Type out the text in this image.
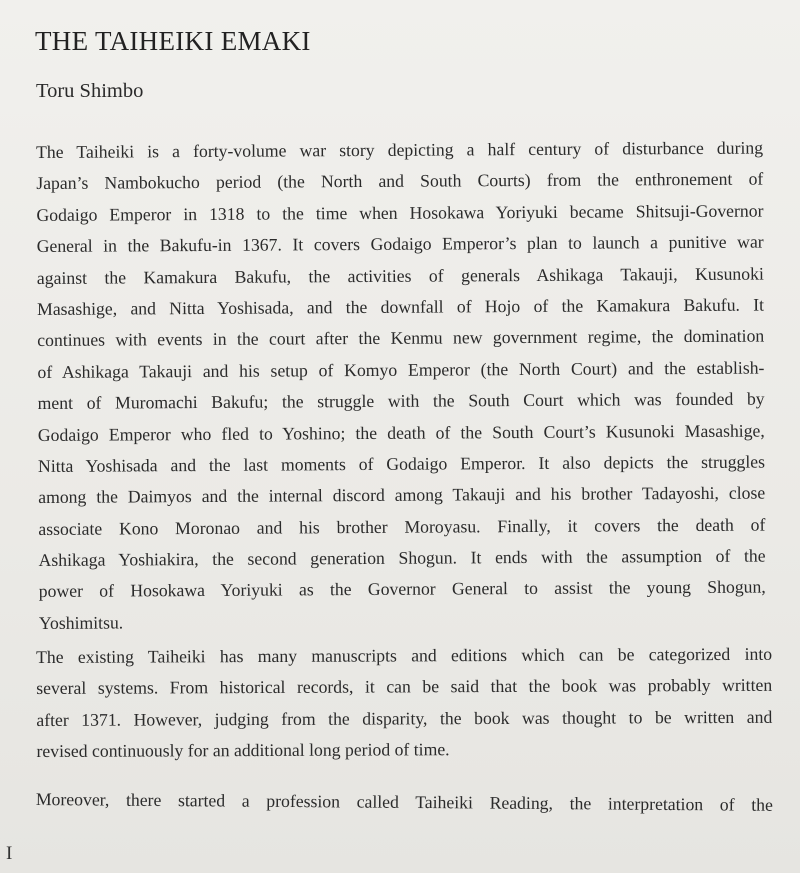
THE TAIHEIKI EMAKI

Toru Shimbo

The Taiheiki is a forty-volume war story depicting a half century of disturbance during
Japan’s Nambokucho period (the North and South Courts) from the enthronement of
Godaigo Emperor in 1318 to the time when Hosokawa Yoriyuki became Shitsuji-Governor
General in the Bakufu-in 1367. It covers Godaigo Emperor’s plan to launch a punitive war
against the Kamakura Bakufu, the activities of generals Ashikaga Takauji, Kusunoki
Masashige, and Nitta Yoshisada, and the downfall of Hojo of the Kamakura Bakufu. It
continues with events in the court after the Kenmu new government regime, the domination
of Ashikaga Takauji and his setup of Komyo Emperor (the North Court) and the establish-
ment of Muromachi Bakufu; the struggle with the South Court which was founded by
Godaigo Emperor who fled to Yoshino; the death of the South Court’s Kusunoki Masashige,
Nitta Yoshisada and the last moments of Godaigo Emperor. It also depicts the struggles
among the Daimyos and the internal discord among Takauji and his brother Tadayoshi, close
associate Kono Moronao and his brother Moroyasu. Finally, it covers the death of
Ashikaga Yoshiakira, the second generation Shogun. It ends with the assumption of the
power of Hosokawa Yoriyuki as the Governor General to assist the young Shogun,
Yoshimitsu.
The existing Taiheiki has many manuscripts and editions which can be categorized into
several systems. From historical records, it can be said that the book was probably written
after 1371. However, judging from the disparity, the book was thought to be written and
revised continuously for an additional long period of time.
Moreover, there started a profession called Taiheiki Reading, the interpretation of the
I
